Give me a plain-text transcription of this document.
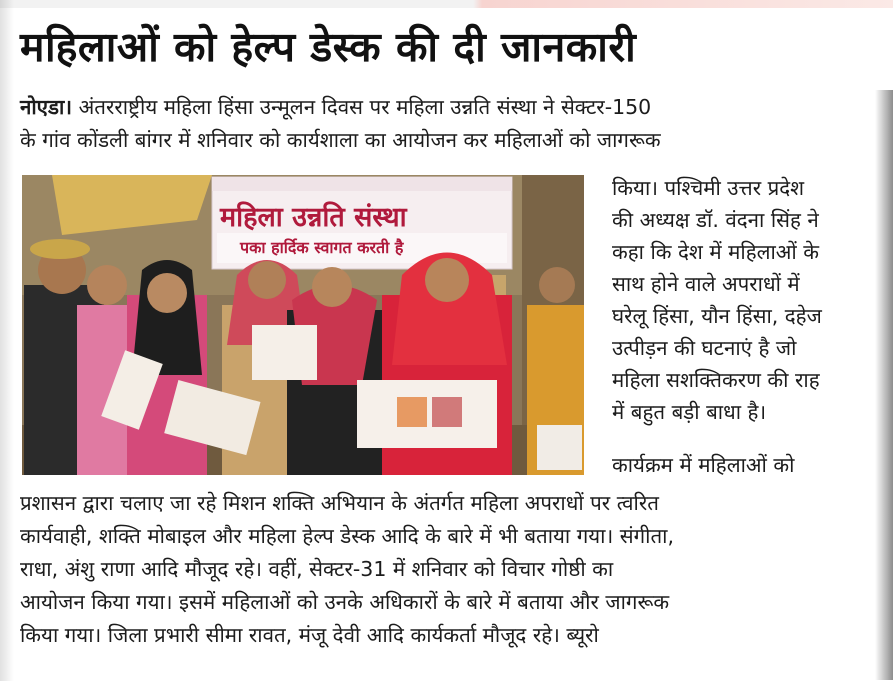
महिलाओं को हेल्प डेस्क की दी जानकारी
नोएडा। अंतरराष्ट्रीय महिला हिंसा उन्मूलन दिवस पर महिला उन्नति संस्था ने सेक्टर-150
के गांव कोंडली बांगर में शनिवार को कार्यशाला का आयोजन कर महिलाओं को जागरूक
महिला उन्नति संस्था
पका हार्दिक स्वागत करती है
किया। पश्चिमी उत्तर प्रदेश
की अध्यक्ष डॉ. वंदना सिंह ने
कहा कि देश में महिलाओं के
साथ होने वाले अपराधों में
घरेलू हिंसा, यौन हिंसा, दहेज
उत्पीड़न की घटनाएं है जो
महिला सशक्तिकरण की राह
में बहुत बड़ी बाधा है।
कार्यक्रम में महिलाओं को
प्रशासन द्वारा चलाए जा रहे मिशन शक्ति अभियान के अंतर्गत महिला अपराधों पर त्वरित
कार्यवाही, शक्ति मोबाइल और महिला हेल्प डेस्क आदि के बारे में भी बताया गया। संगीता,
राधा, अंशु राणा आदि मौजूद रहे। वहीं, सेक्टर-31 में शनिवार को विचार गोष्ठी का
आयोजन किया गया। इसमें महिलाओं को उनके अधिकारों के बारे में बताया और जागरूक
किया गया। जिला प्रभारी सीमा रावत, मंजू देवी आदि कार्यकर्ता मौजूद रहे। ब्यूरो
